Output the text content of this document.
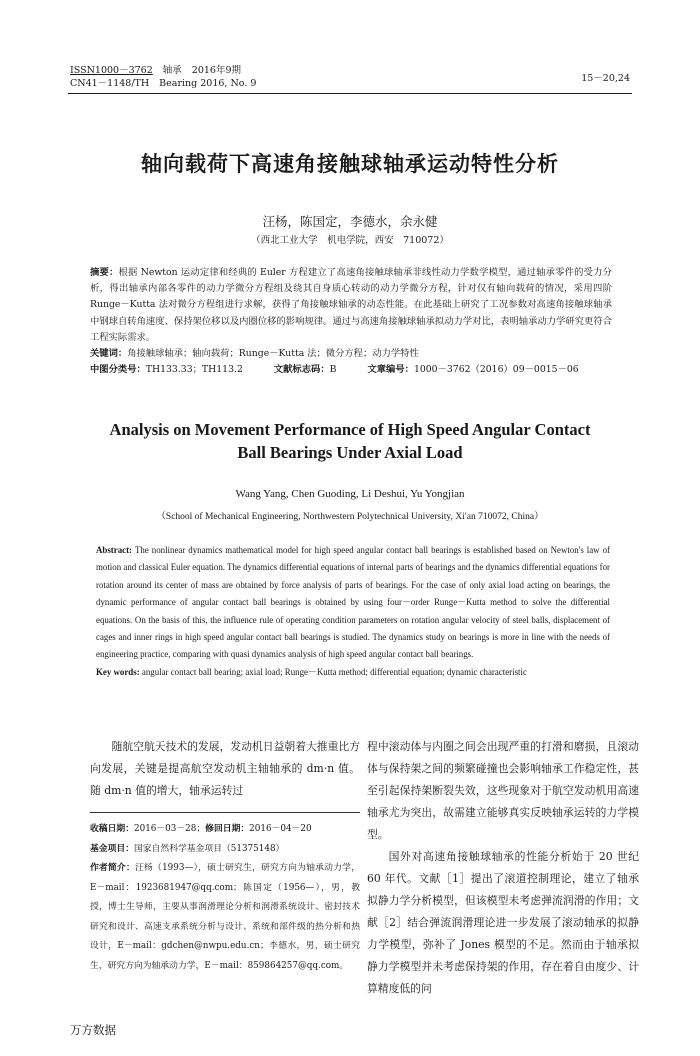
ISSN1000－3762 轴承 2016年9期
CN41－1148/TH Bearing 2016, No. 9	15－20,24
轴向载荷下高速角接触球轴承运动特性分析
汪杨，陈国定，李德水，余永健
（西北工业大学　机电学院，西安　710072）

摘要：根据 Newton 运动定律和经典的 Euler 方程建立了高速角接触球轴承非线性动力学数学模型，通过轴承零件的受力分析，得出轴承内部各零件的动力学微分方程组及绕其自身质心转动的动力学微分方程，针对仅有轴向载荷的情况，采用四阶 Runge－Kutta 法对微分方程组进行求解，获得了角接触球轴承的动态性能。在此基础上研究了工况参数对高速角接触球轴承中钢球自转角速度、保持架位移以及内圈位移的影响规律。通过与高速角接触球轴承拟动力学对比，表明轴承动力学研究更符合工程实际需求。

关键词：角接触球轴承；轴向载荷；Runge－Kutta 法；微分方程；动力学特性

中图分类号：TH133.33；TH113.2	文献标志码：B	文章编号：1000－3762（2016）09－0015－06

Analysis on Movement Performance of High Speed Angular Contact
Ball Bearings Under Axial Load
Wang Yang, Chen Guoding, Li Deshui, Yu Yongjian
（School of Mechanical Engineering, Northwestern Polytechnical University, Xi′an 710072, China）

Abstract: The nonlinear dynamics mathematical model for high speed angular contact ball bearings is established based on Newton's law of motion and classical Euler equation. The dynamics differential equations of internal parts of bearings and the dynamics differential equations for rotation around its center of mass are obtained by force analysis of parts of bearings. For the case of only axial load acting on bearings, the dynamic performance of angular contact ball bearings is obtained by using four－order Runge－Kutta method to solve the differential equations. On the basis of this, the influence rule of operating condition parameters on rotation angular velocity of steel balls, displacement of cages and inner rings in high speed angular contact ball bearings is studied. The dynamics study on bearings is more in line with the needs of engineering practice, comparing with quasi dynamics analysis of high speed angular contact ball bearings.

Key words: angular contact ball bearing; axial load; Runge－Kutta method; differential equation; dynamic characteristic

随航空航天技术的发展，发动机日益朝着大推重比方向发展，关键是提高航空发动机主轴轴承的 dm·n 值。随 dm·n 值的增大，轴承运转过

收稿日期：2016－03－28；修回日期：2016－04－20

基金项目：国家自然科学基金项目（51375148）

作者简介：汪杨（1993—），硕士研究生，研究方向为轴承动力学，E－mail：1923681947@qq.com；陈国定（1956—），男，教授，博士生导师，主要从事润滑理论分析和润滑系统设计、密封技术研究和设计、高速支承系统分析与设计、系统和部件级的热分析和热设计，E－mail：gdchen@nwpu.edu.cn；李德水，男，硕士研究生，研究方向为轴承动力学，E－mail：859864257@qq.com。

程中滚动体与内圈之间会出现严重的打滑和磨损，且滚动体与保持架之间的频繁碰撞也会影响轴承工作稳定性，甚至引起保持架断裂失效，这些现象对于航空发动机用高速轴承尤为突出，故需建立能够真实反映轴承运转的力学模型。

国外对高速角接触球轴承的性能分析始于 20 世纪 60 年代。文献［1］提出了滚道控制理论，建立了轴承拟静力学分析模型，但该模型未考虑弹流润滑的作用；文献［2］结合弹流润滑理论进一步发展了滚动轴承的拟静力学模型，弥补了 Jones 模型的不足。然而由于轴承拟静力学模型并未考虑保持架的作用，存在着自由度少、计算精度低的问

万方数据
